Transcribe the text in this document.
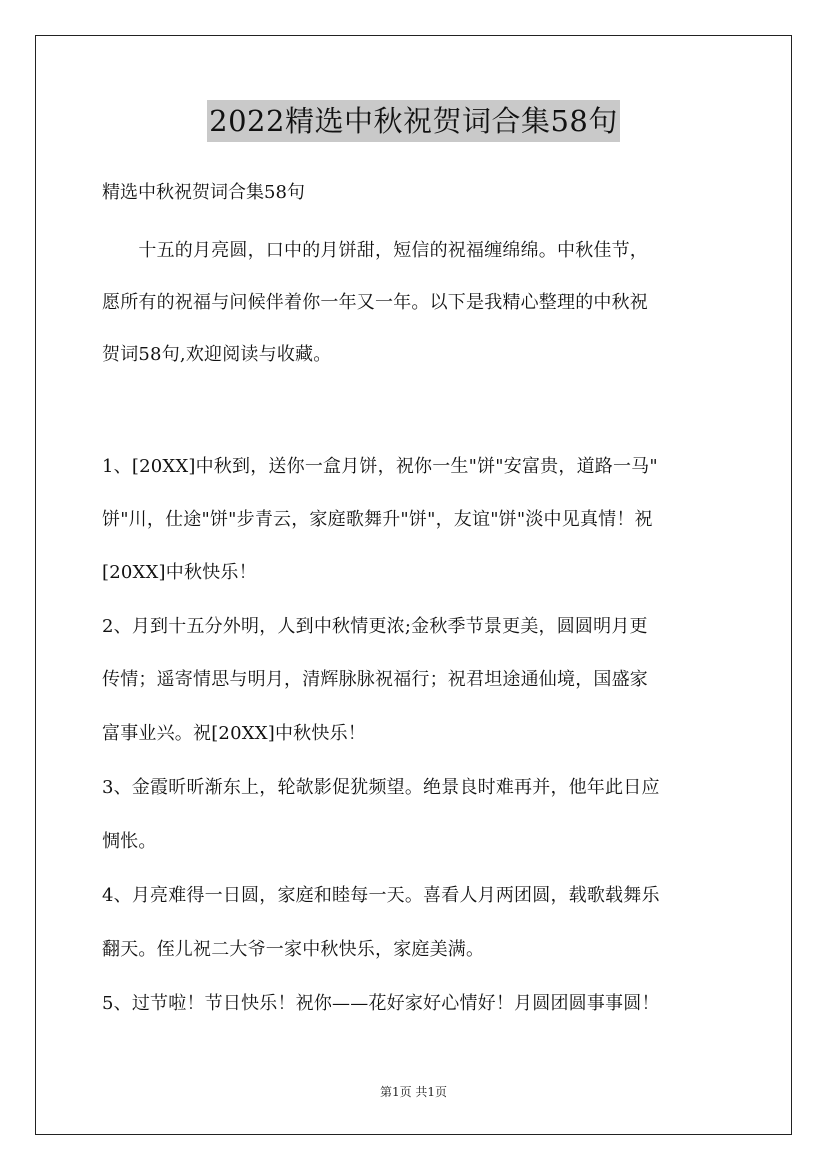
2022精选中秋祝贺词合集58句
精选中秋祝贺词合集58句
　　十五的月亮圆，口中的月饼甜，短信的祝福缠绵绵。中秋佳节，
愿所有的祝福与问候伴着你一年又一年。以下是我精心整理的中秋祝
贺词58句,欢迎阅读与收藏。
1、[20XX]中秋到，送你一盒月饼，祝你一生"饼"安富贵，道路一马"
饼"川，仕途"饼"步青云，家庭歌舞升"饼"，友谊"饼"淡中见真情！祝
[20XX]中秋快乐！
2、月到十五分外明，人到中秋情更浓;金秋季节景更美，圆圆明月更
传情；遥寄情思与明月，清辉脉脉祝福行；祝君坦途通仙境，国盛家
富事业兴。祝[20XX]中秋快乐！
3、金霞昕昕渐东上，轮欹影促犹频望。绝景良时难再并，他年此日应
惆怅。
4、月亮难得一日圆，家庭和睦每一天。喜看人月两团圆，载歌载舞乐
翻天。侄儿祝二大爷一家中秋快乐，家庭美满。
5、过节啦！节日快乐！祝你——花好家好心情好！月圆团圆事事圆！
第1页 共1页
